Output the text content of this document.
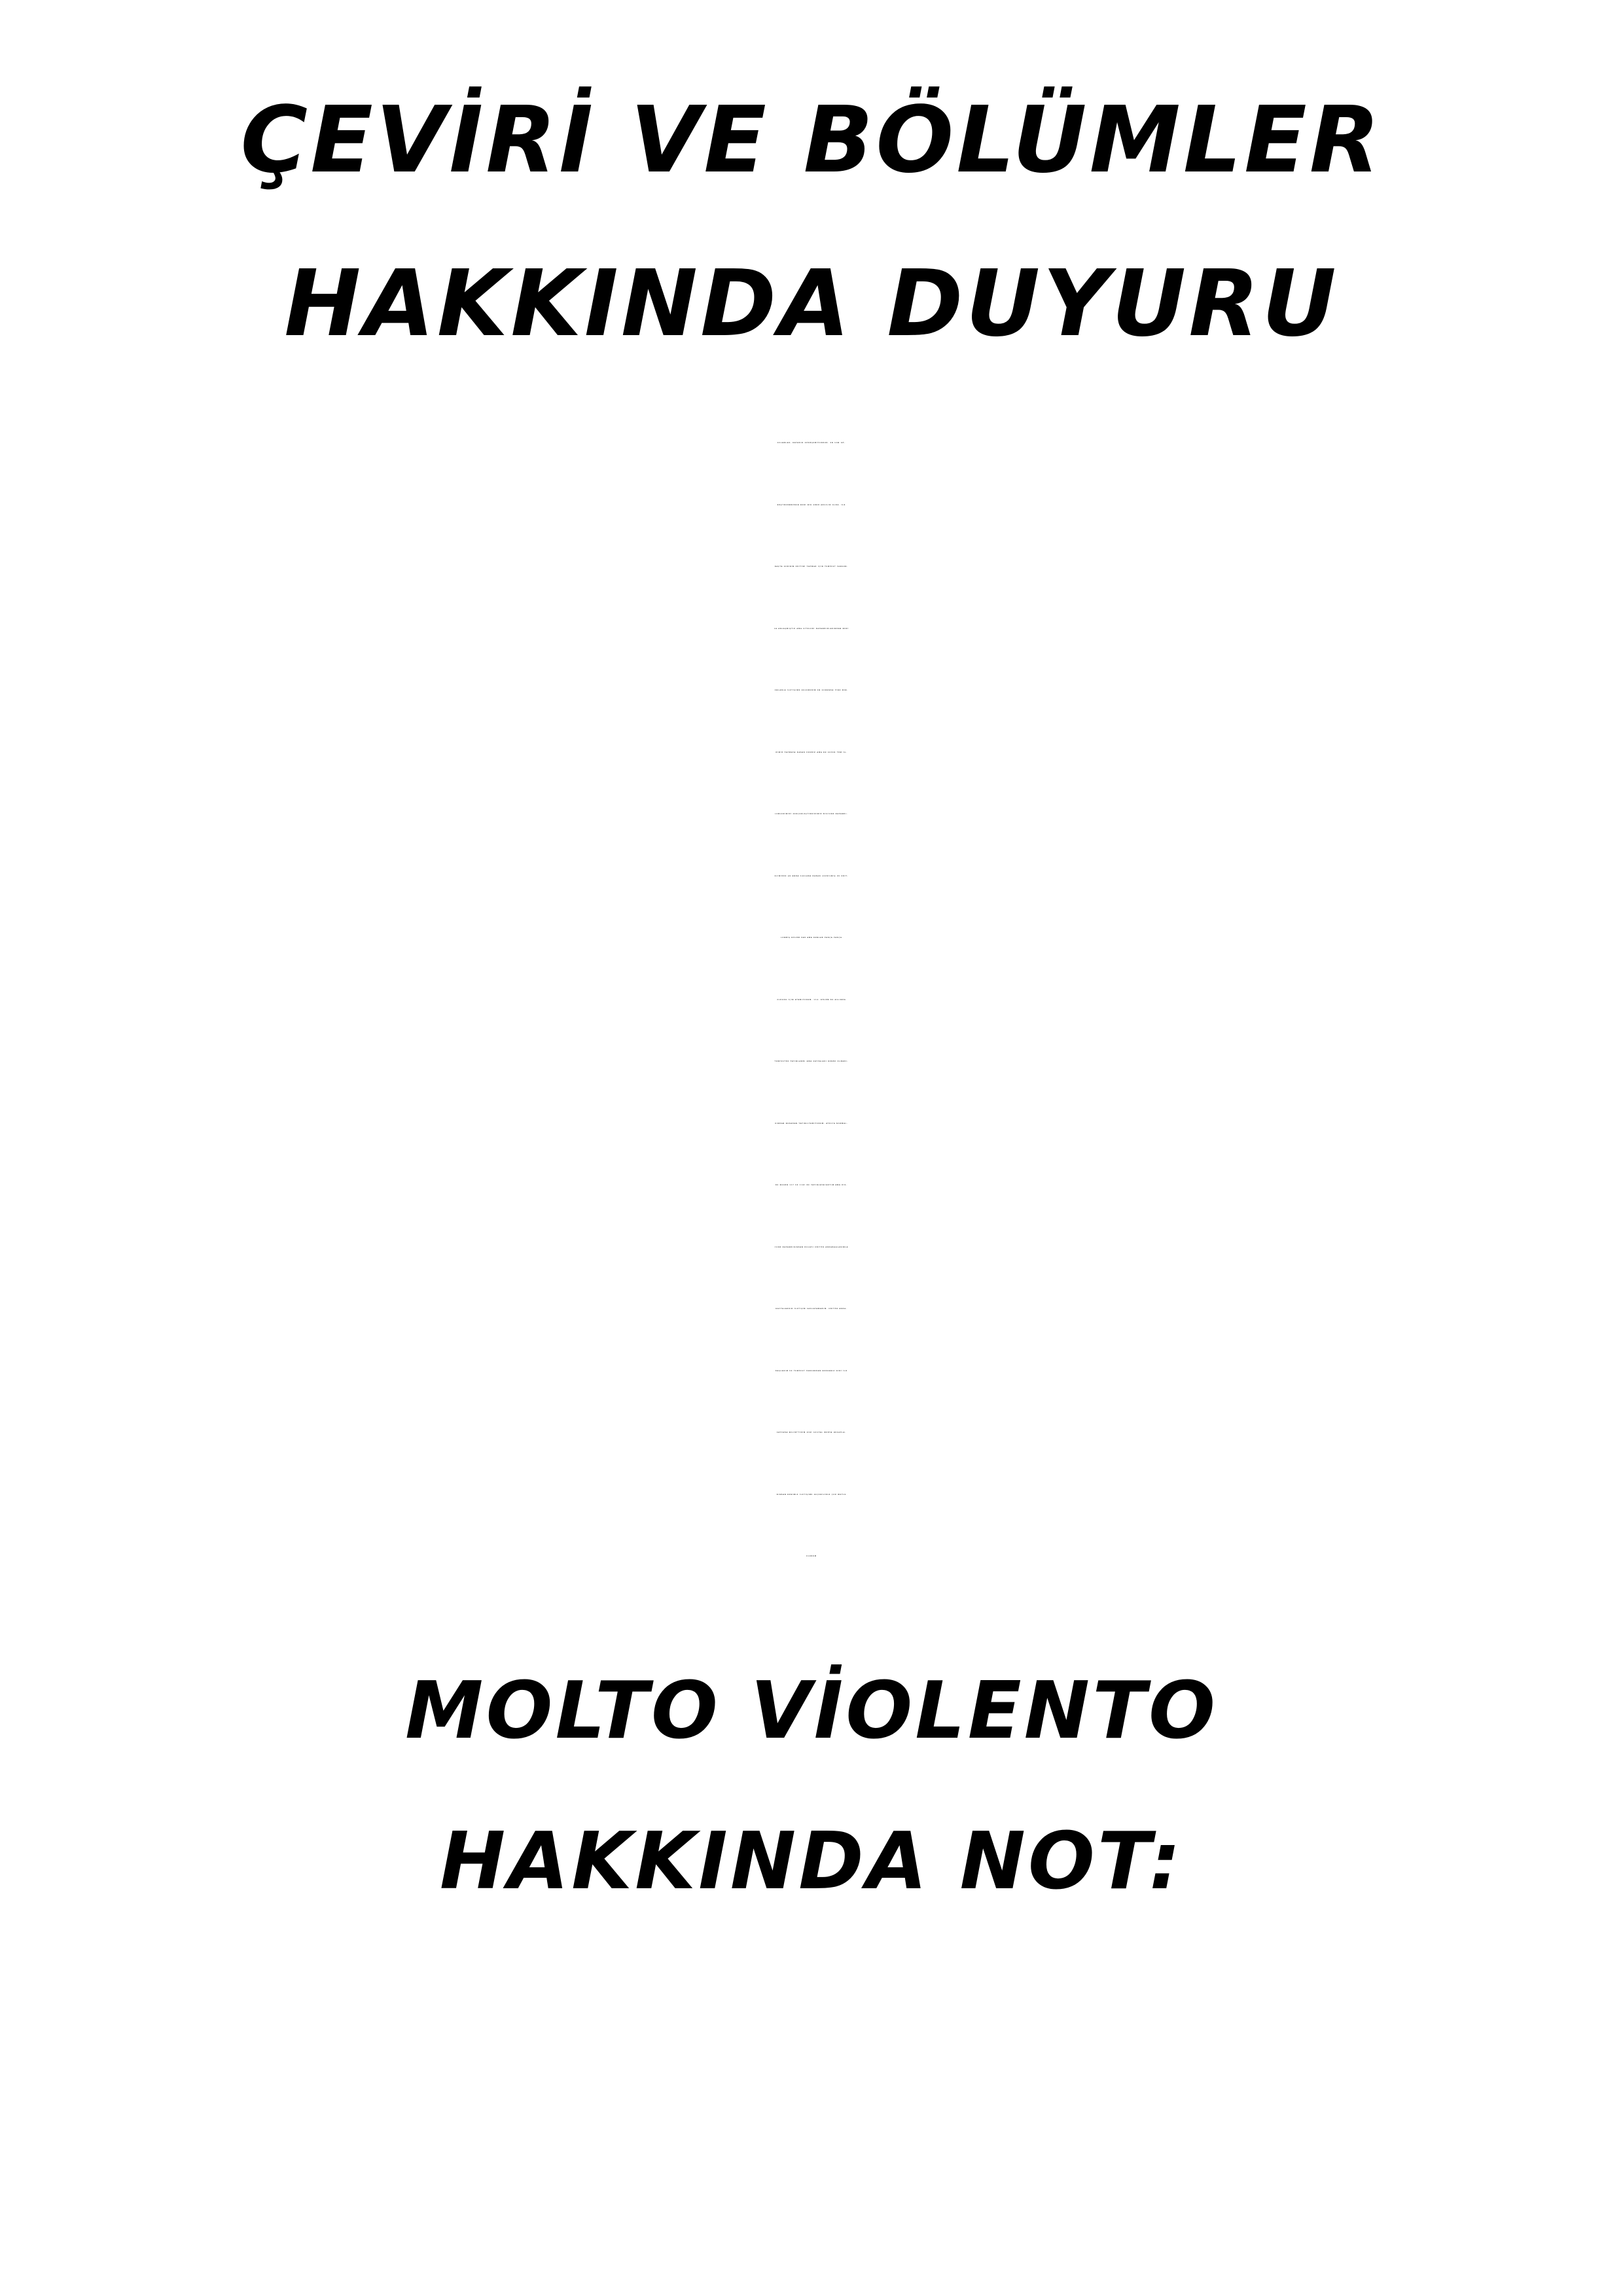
ÇEVİRİ VE BÖLÜMLER
HAKKINDA DUYURU
SELAMLAR, BAYADIR GÖRÜŞEMİYORDUK. EN SON GÖ-
RÜŞTÜĞÜMÜZDEN BERİ BİR SÜRÜ AKSİLİK OLDU. İLK
BAŞTA SERİNİN EDİTİNİ YAPMAK İÇİN TEMPEST FANSUB-
LA ANLAŞMIŞTIK AMA SİTELERİ KAPANDIKLARINDAN BERİ
ONLARLA İLETİŞİME GEÇEMEDİM EN SONUNDA YİNE KEN-
DİMİZ YAPMAYA KARAR VERDİK AMA BU SEFER TÜM İŞ-
LEMLERİMİZİ GERÇEKLEŞTİRDİĞİMİZ DİSCORD KAPANDI.
ELİMİZDE ŞU ANDA 140LARA KADAR ÇEVRİLMİŞ VE EDİT-
LENMİŞ BÖLÜM VAR AMA BUNLAR PARÇA PARÇA
OLDUĞU İÇİN ATAMIYORUM. 114. BÖLÜM DE ASLINDA
TEMPESTDE YAYINLANDI AMA SAYFALARI BENDE OLMADI-
ĞINDAN BURADAN YAYINLIYAMIYORUM. AYRICA NORMAL-
DE BUGÜN 117 VE 118İ DE YAYINLAYACAKTIM AMA DİS-
CORD KAPANDIĞINDAN DOLAYI EDİTÖR ARKADAŞLARIMLA
HAFTALARDIR İLETİŞİM SAĞLAYAMADIM. EDİTÖR ARKA-
DAŞLARIM VE TEMPEST FANSUBDAN HERHANGİ BİRİ İLK
SAYFADA BELİRTTİĞİM GİBİ SOSYAL MEDYA HESAPLA-
RINDAN BENİMLE İLETİŞİME GEÇEBİLİRSE ÇOK MUTLU
OLURUM
MOLTO VİOLENTO
HAKKINDA NOT:
